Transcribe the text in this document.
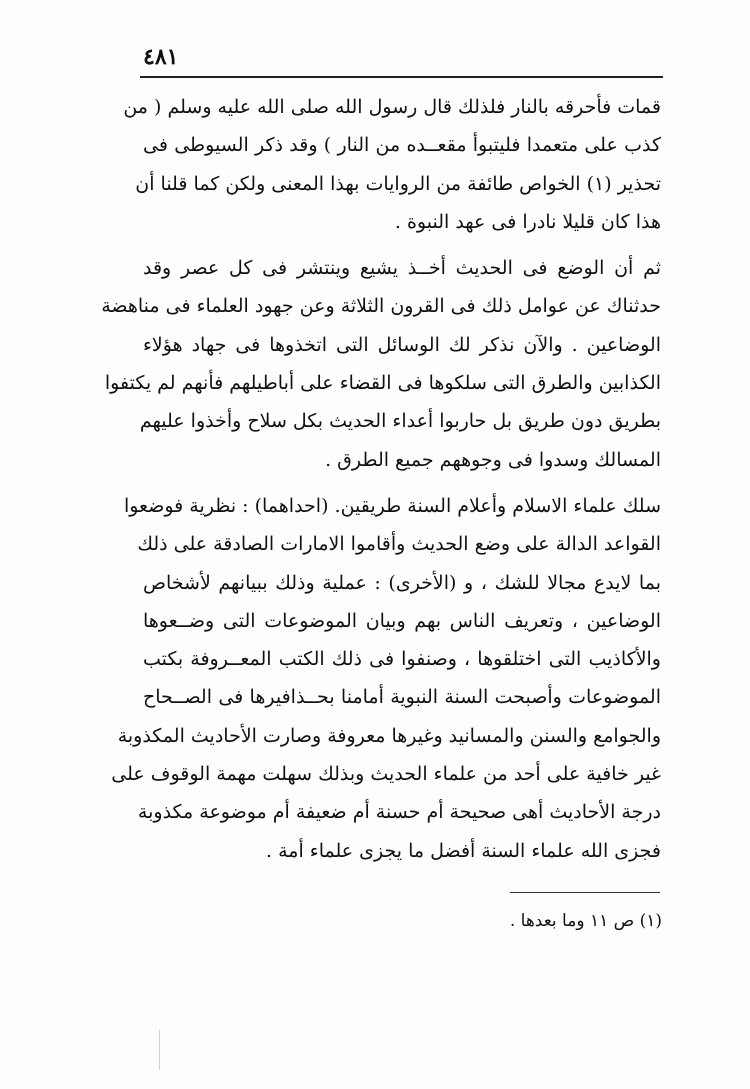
٤٨١
قمات فأحرقه بالنار فلذلك قال رسول الله صلى الله عليه وسلم ( من
كذب على متعمدا فليتبوأ مقعــده من النار ) وقد ذكر السيوطى فى
تحذير (١) الخواص طائفة من الروايات بهذا المعنى ولكن كما قلنا أن
هذا كان قليلا نادرا فى عهد النبوة .
ثم أن الوضع فى الحديث أخــذ يشيع وينتشر فى كل عصر وقد
حدثناك عن عوامل ذلك فى القرون الثلاثة وعن جهود العلماء فى مناهضة
الوضاعين . والآن نذكر لك الوسائل التى اتخذوها فى جهاد هؤلاء
الكذابين والطرق التى سلكوها فى القضاء على أباطيلهم فأنهم لم يكتفوا
بطريق دون طريق بل حاربوا أعداء الحديث بكل سلاح وأخذوا عليهم
المسالك وسدوا فى وجوههم جميع الطرق .
سلك علماء الاسلام وأعلام السنة طريقين. (احداهما) : نظرية فوضعوا
القواعد الدالة على وضع الحديث وأقاموا الامارات الصادقة على ذلك
بما لايدع مجالا للشك ، و (الأخرى) : عملية وذلك ببيانهم لأشخاص
الوضاعين ، وتعريف الناس بهم وبيان الموضوعات التى وضــعوها
والأكاذيب التى اختلقوها ، وصنفوا فى ذلك الكتب المعــروفة بكتب
الموضوعات وأصبحت السنة النبوية أمامنا بحــذافيرها فى الصــحاح
والجوامع والسنن والمسانيد وغيرها معروفة وصارت الأحاديث المكذوبة
غير خافية على أحد من علماء الحديث وبذلك سهلت مهمة الوقوف على
درجة الأحاديث أهى صحيحة أم حسنة أم ضعيفة أم موضوعة مكذوبة
فجزى الله علماء السنة أفضل ما يجزى علماء أمة .
(١) ص ١١ وما بعدها .
